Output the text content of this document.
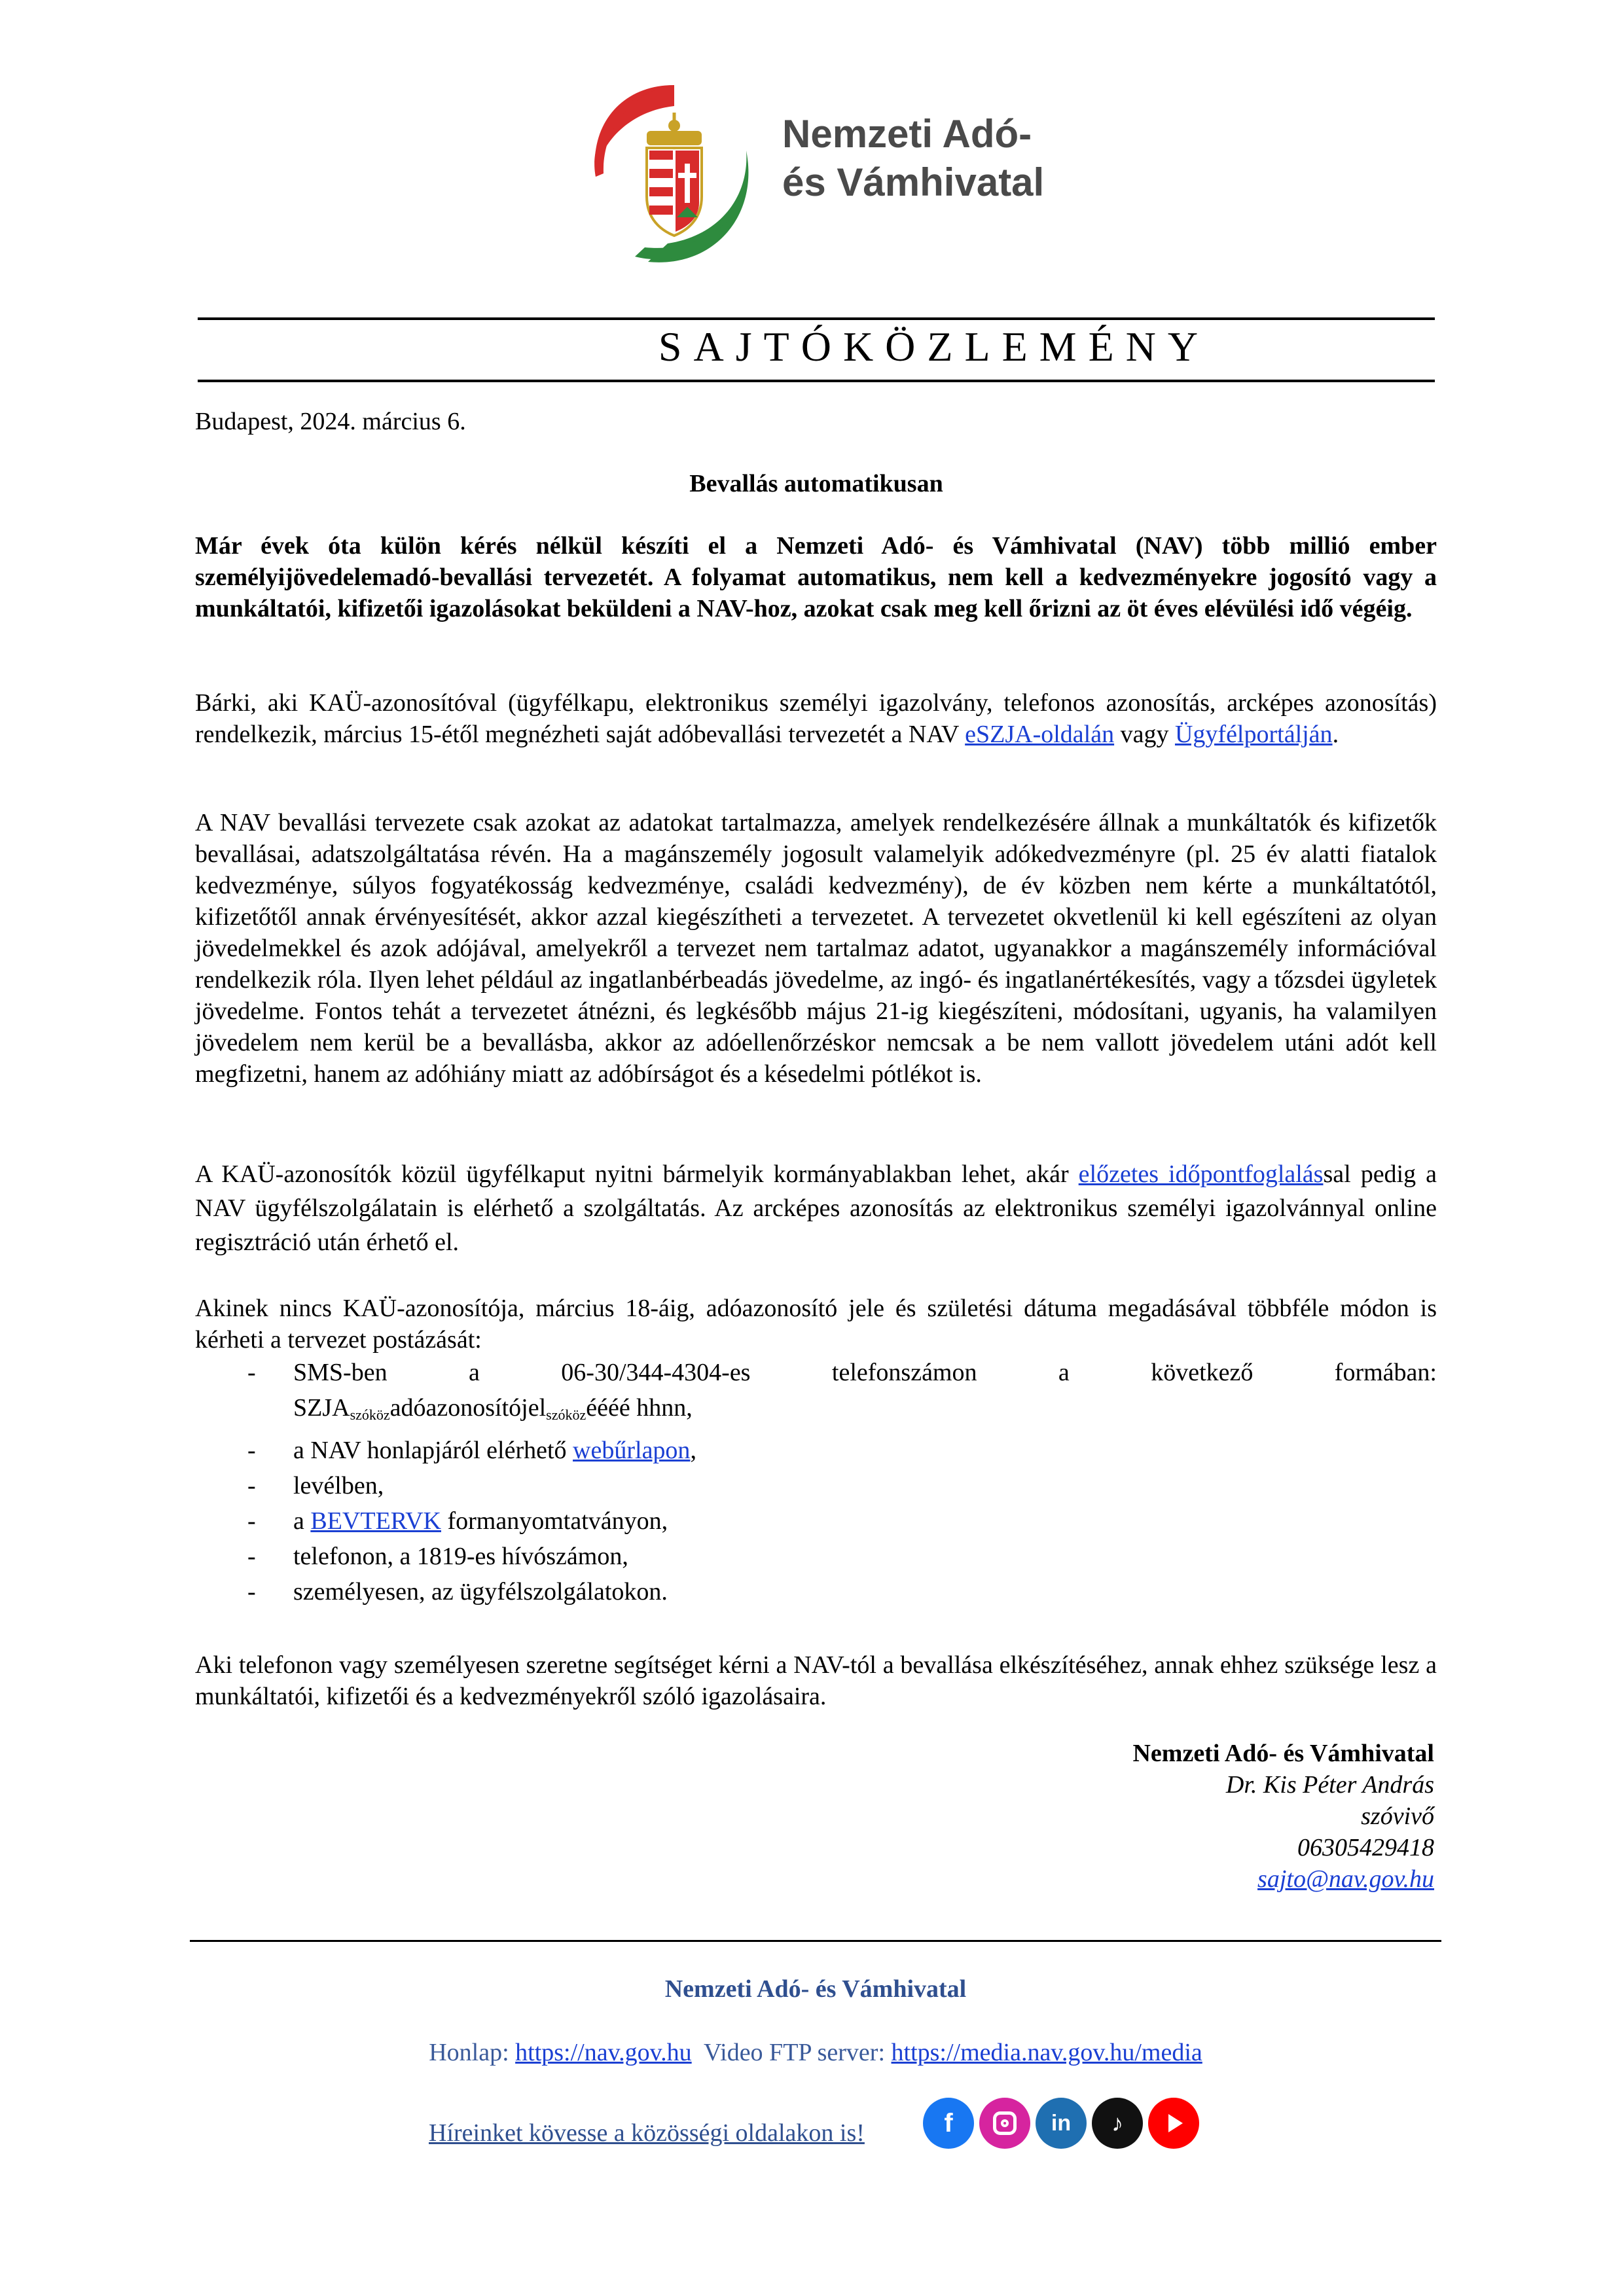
Nemzeti Adó-
és Vámhivatal
SAJTÓKÖZLEMÉNY
Budapest, 2024. március 6.
Bevallás automatikusan

Már évek óta külön kérés nélkül készíti el a Nemzeti Adó- és Vámhivatal (NAV) több millió ember személyijövedelemadó-bevallási tervezetét. A folyamat automatikus, nem kell a kedvezményekre jogosító vagy a munkáltatói, kifizetői igazolásokat beküldeni a NAV-hoz, azokat csak meg kell őrizni az öt éves elévülési idő végéig.

Bárki, aki KAÜ-azonosítóval (ügyfélkapu, elektronikus személyi igazolvány, telefonos azonosítás, arcképes azonosítás) rendelkezik, március 15-étől megnézheti saját adóbevallási tervezetét a NAV eSZJA-oldalán vagy Ügyfélportálján.

A NAV bevallási tervezete csak azokat az adatokat tartalmazza, amelyek rendelkezésére állnak a munkáltatók és kifizetők bevallásai, adatszolgáltatása révén. Ha a magánszemély jogosult valamelyik adókedvezményre (pl. 25 év alatti fiatalok kedvezménye, súlyos fogyatékosság kedvezménye, családi kedvezmény), de év közben nem kérte a munkáltatótól, kifizetőtől annak érvényesítését, akkor azzal kiegészítheti a tervezetet. A tervezetet okvetlenül ki kell egészíteni az olyan jövedelmekkel és azok adójával, amelyekről a tervezet nem tartalmaz adatot, ugyanakkor a magánszemély információval rendelkezik róla. Ilyen lehet például az ingatlanbérbeadás jövedelme, az ingó- és ingatlanértékesítés, vagy a tőzsdei ügyletek jövedelme. Fontos tehát a tervezetet átnézni, és legkésőbb május 21-ig kiegészíteni, módosítani, ugyanis, ha valamilyen jövedelem nem kerül be a bevallásba, akkor az adóellenőrzéskor nemcsak a be nem vallott jövedelem utáni adót kell megfizetni, hanem az adóhiány miatt az adóbírságot és a késedelmi pótlékot is.

A KAÜ-azonosítók közül ügyfélkaput nyitni bármelyik kormányablakban lehet, akár előzetes időpontfoglalással pedig a NAV ügyfélszolgálatain is elérhető a szolgáltatás. Az arcképes azonosítás az elektronikus személyi igazolvánnyal online regisztráció után érhető el.

Akinek nincs KAÜ-azonosítója, március 18-áig, adóazonosító jele és születési dátuma megadásával többféle módon is kérheti a tervezet postázását:

- SMS-ben	a	06-30/344-4304-es	telefonszámon	a	következő	formában:
$SZJA_{szóköz}adóazonosítójel_{szóköz}éééé$ hhnn,
- a NAV honlapjáról elérhető webűrlapon,
- levélben,
- a BEVTERVK formanyomtatványon,
- telefonon, a 1819-es hívószámon,
- személyesen, az ügyfélszolgálatokon.

Aki telefonon vagy személyesen szeretne segítséget kérni a NAV-tól a bevallása elkészítéséhez, annak ehhez szüksége lesz a munkáltatói, kifizetői és a kedvezményekről szóló igazolásaira.

Nemzeti Adó- és Vámhivatal
Dr. Kis Péter András
szóvivő
06305429418
sajto@nav.gov.hu
Nemzeti Adó- és Vámhivatal
Honlap: https://nav.gov.hu  Video FTP server: https://media.nav.gov.hu/media
Híreinket kövesse a közösségi oldalakon is!	f	in ♪
